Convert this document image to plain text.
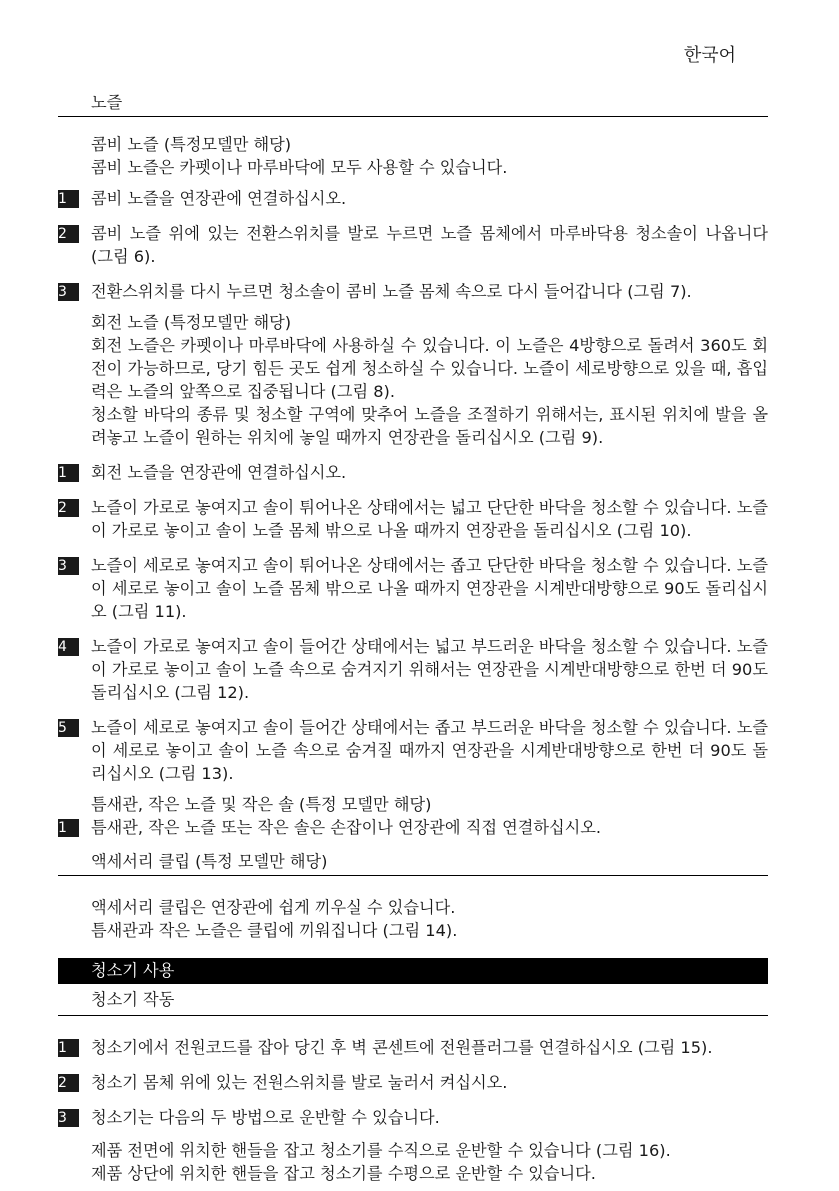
한국어
노즐
콤비 노즐 (특정모델만 해당)
콤비 노즐은 카펫이나 마루바닥에 모두 사용할 수 있습니다.
1	콤비 노즐을 연장관에 연결하십시오.
2	콤비 노즐 위에 있는 전환스위치를 발로 누르면 노즐 몸체에서 마루바닥용 청소솔이 나옵니다 (그림 6).
3	전환스위치를 다시 누르면 청소솔이 콤비 노즐 몸체 속으로 다시 들어갑니다 (그림 7).
회전 노즐 (특정모델만 해당)
회전 노즐은 카펫이나 마루바닥에 사용하실 수 있습니다. 이 노즐은 4방향으로 돌려서 360도 회전이 가능하므로, 당기 힘든 곳도 쉽게 청소하실 수 있습니다. 노즐이 세로방향으로 있을 때, 흡입력은 노즐의 앞쪽으로 집중됩니다 (그림 8).
청소할 바닥의 종류 및 청소할 구역에 맞추어 노즐을 조절하기 위해서는, 표시된 위치에 발을 올려놓고 노즐이 원하는 위치에 놓일 때까지 연장관을 돌리십시오 (그림 9).
1	회전 노즐을 연장관에 연결하십시오.
2	노즐이 가로로 놓여지고 솔이 튀어나온 상태에서는 넓고 단단한 바닥을 청소할 수 있습니다. 노즐이 가로로 놓이고 솔이 노즐 몸체 밖으로 나올 때까지 연장관을 돌리십시오 (그림 10).
3	노즐이 세로로 놓여지고 솔이 튀어나온 상태에서는 좁고 단단한 바닥을 청소할 수 있습니다. 노즐이 세로로 놓이고 솔이 노즐 몸체 밖으로 나올 때까지 연장관을 시계반대방향으로 90도 돌리십시오 (그림 11).
4	노즐이 가로로 놓여지고 솔이 들어간 상태에서는 넓고 부드러운 바닥을 청소할 수 있습니다. 노즐이 가로로 놓이고 솔이 노즐 속으로 숨겨지기 위해서는 연장관을 시계반대방향으로 한번 더 90도 돌리십시오 (그림 12).
5	노즐이 세로로 놓여지고 솔이 들어간 상태에서는 좁고 부드러운 바닥을 청소할 수 있습니다. 노즐이 세로로 놓이고 솔이 노즐 속으로 숨겨질 때까지 연장관을 시계반대방향으로 한번 더 90도 돌리십시오 (그림 13).
틈새관, 작은 노즐 및 작은 솔 (특정 모델만 해당)
1	틈새관, 작은 노즐 또는 작은 솔은 손잡이나 연장관에 직접 연결하십시오.
액세서리 클립 (특정 모델만 해당)
액세서리 클립은 연장관에 쉽게 끼우실 수 있습니다.
틈새관과 작은 노즐은 클립에 끼워집니다 (그림 14).
청소기 사용
청소기 작동
1	청소기에서 전원코드를 잡아 당긴 후 벽 콘센트에 전원플러그를 연결하십시오 (그림 15).
2	청소기 몸체 위에 있는 전원스위치를 발로 눌러서 켜십시오.
3	청소기는 다음의 두 방법으로 운반할 수 있습니다.
제품 전면에 위치한 핸들을 잡고 청소기를 수직으로 운반할 수 있습니다 (그림 16).
제품 상단에 위치한 핸들을 잡고 청소기를 수평으로 운반할 수 있습니다.
